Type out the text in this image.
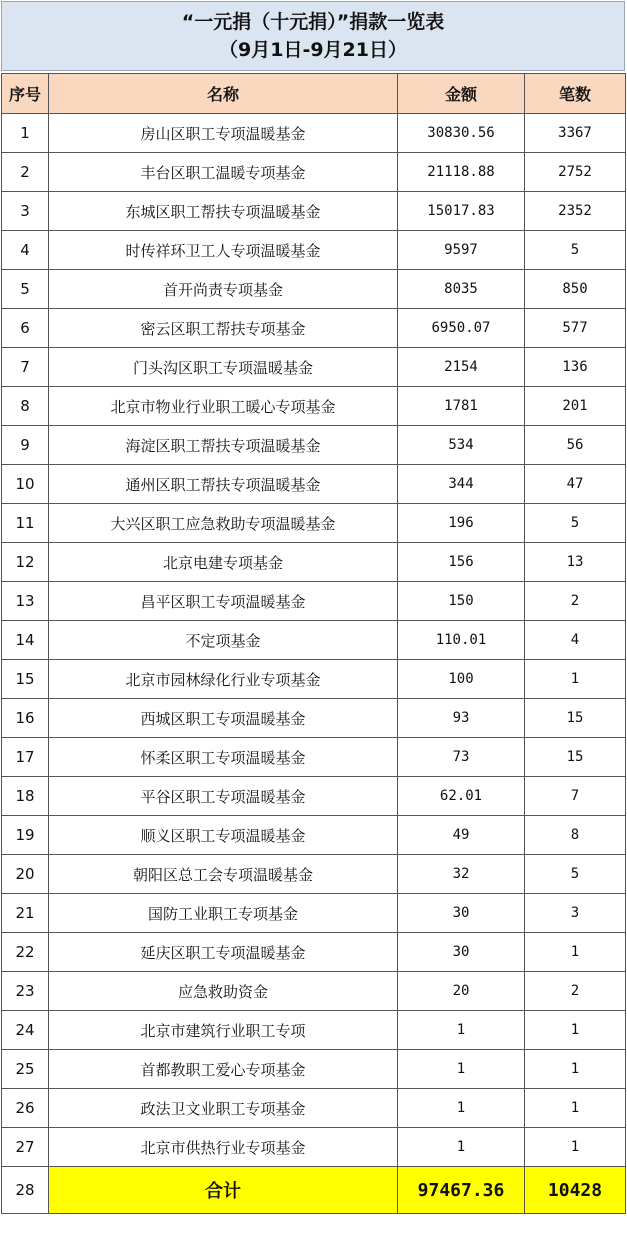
“一元捐（十元捐）”捐款一览表
（9月1日-9月21日）
序号	名称	金额	笔数
1	房山区职工专项温暖基金	30830.56	3367
2	丰台区职工温暖专项基金	21118.88	2752
3	东城区职工帮扶专项温暖基金	15017.83	2352
4	时传祥环卫工人专项温暖基金	9597	5
5	首开尚责专项基金	8035	850
6	密云区职工帮扶专项基金	6950.07	577
7	门头沟区职工专项温暖基金	2154	136
8	北京市物业行业职工暖心专项基金	1781	201
9	海淀区职工帮扶专项温暖基金	534	56
10	通州区职工帮扶专项温暖基金	344	47
11	大兴区职工应急救助专项温暖基金	196	5
12	北京电建专项基金	156	13
13	昌平区职工专项温暖基金	150	2
14	不定项基金	110.01	4
15	北京市园林绿化行业专项基金	100	1
16	西城区职工专项温暖基金	93	15
17	怀柔区职工专项温暖基金	73	15
18	平谷区职工专项温暖基金	62.01	7
19	顺义区职工专项温暖基金	49	8
20	朝阳区总工会专项温暖基金	32	5
21	国防工业职工专项基金	30	3
22	延庆区职工专项温暖基金	30	1
23	应急救助资金	20	2
24	北京市建筑行业职工专项	1	1
25	首都教职工爱心专项基金	1	1
26	政法卫文业职工专项基金	1	1
27	北京市供热行业专项基金	1	1
28	合计	97467.36	10428
